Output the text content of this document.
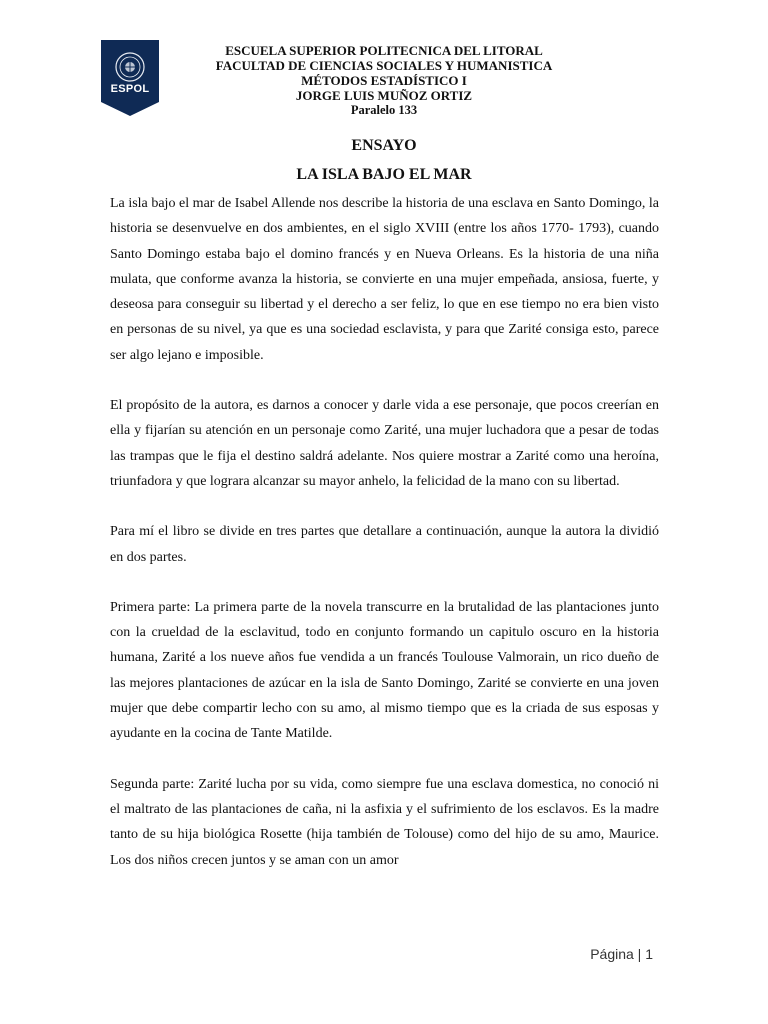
ESPOL
ESCUELA SUPERIOR POLITECNICA DEL LITORAL
FACULTAD DE CIENCIAS SOCIALES Y HUMANISTICA
MÉTODOS ESTADÍSTICO I
JORGE LUIS MUÑOZ ORTIZ
Paralelo 133
ENSAYO
LA ISLA BAJO EL MAR

La isla bajo el mar de Isabel Allende nos describe la historia de una esclava en Santo Domingo, la historia se desenvuelve en dos ambientes, en el siglo XVIII (entre los años 1770- 1793), cuando Santo Domingo estaba bajo el domino francés y en Nueva Orleans. Es la historia de una niña mulata, que conforme avanza la historia, se convierte en una mujer empeñada, ansiosa, fuerte, y deseosa para conseguir su libertad y el derecho a ser feliz, lo que en ese tiempo no era bien visto en personas de su nivel, ya que es una sociedad esclavista, y para que Zarité consiga esto, parece ser algo lejano e imposible.

El propósito de la autora, es darnos a conocer y darle vida a ese personaje, que pocos creerían en ella y fijarían su atención en un personaje como Zarité, una mujer luchadora que a pesar de todas las trampas que le fija el destino saldrá adelante. Nos quiere mostrar a Zarité como una heroína, triunfadora y que lograra alcanzar su mayor anhelo, la felicidad de la mano con su libertad.

Para mí el libro se divide en tres partes que detallare a continuación, aunque la autora la dividió en dos partes.

Primera parte: La primera parte de la novela transcurre en la brutalidad de las plantaciones junto con la crueldad de la esclavitud, todo en conjunto formando un capitulo oscuro en la historia humana, Zarité a los nueve años fue vendida a un francés Toulouse Valmorain, un rico dueño de las mejores plantaciones de azúcar en la isla de Santo Domingo, Zarité se convierte en una joven mujer que debe compartir lecho con su amo, al mismo tiempo que es la criada de sus esposas y ayudante en la cocina de Tante Matilde.

Segunda parte: Zarité lucha por su vida, como siempre fue una esclava domestica, no conoció ni el maltrato de las plantaciones de caña, ni la asfixia y el sufrimiento de los esclavos. Es la madre tanto de su hija biológica Rosette (hija también de Tolouse) como del hijo de su amo, Maurice. Los dos niños crecen juntos y se aman con un amor

Página | 1
